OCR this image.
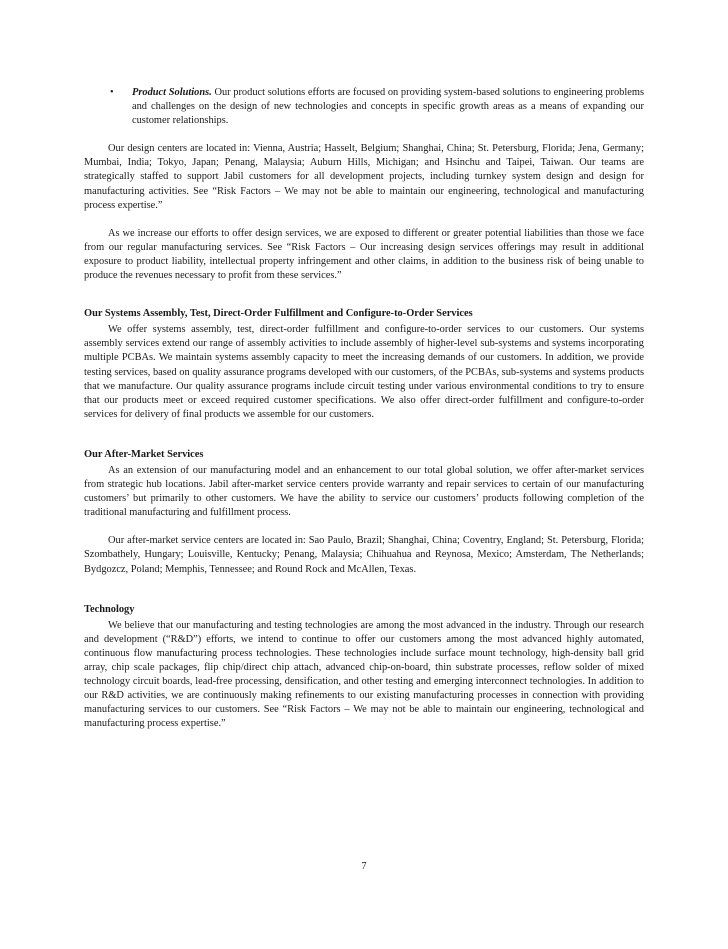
• Product Solutions. Our product solutions efforts are focused on providing system-based solutions to engineering problems and challenges on the design of new technologies and concepts in specific growth areas as a means of expanding our customer relationships.

Our design centers are located in: Vienna, Austria; Hasselt, Belgium; Shanghai, China; St. Petersburg, Florida; Jena, Germany; Mumbai, India; Tokyo, Japan; Penang, Malaysia; Auburn Hills, Michigan; and Hsinchu and Taipei, Taiwan. Our teams are strategically staffed to support Jabil customers for all development projects, including turnkey system design and design for manufacturing activities. See “Risk Factors – We may not be able to maintain our engineering, technological and manufacturing process expertise.”

As we increase our efforts to offer design services, we are exposed to different or greater potential liabilities than those we face from our regular manufacturing services. See “Risk Factors – Our increasing design services offerings may result in additional exposure to product liability, intellectual property infringement and other claims, in addition to the business risk of being unable to produce the revenues necessary to profit from these services.”

Our Systems Assembly, Test, Direct-Order Fulfillment and Configure-to-Order Services

We offer systems assembly, test, direct-order fulfillment and configure-to-order services to our customers. Our systems assembly services extend our range of assembly activities to include assembly of higher-level sub-systems and systems incorporating multiple PCBAs. We maintain systems assembly capacity to meet the increasing demands of our customers. In addition, we provide testing services, based on quality assurance programs developed with our customers, of the PCBAs, sub-systems and systems products that we manufacture. Our quality assurance programs include circuit testing under various environmental conditions to try to ensure that our products meet or exceed required customer specifications. We also offer direct-order fulfillment and configure-to-order services for delivery of final products we assemble for our customers.

Our After-Market Services

As an extension of our manufacturing model and an enhancement to our total global solution, we offer after-market services from strategic hub locations. Jabil after-market service centers provide warranty and repair services to certain of our manufacturing customers’ but primarily to other customers. We have the ability to service our customers’ products following completion of the traditional manufacturing and fulfillment process.

Our after-market service centers are located in: Sao Paulo, Brazil; Shanghai, China; Coventry, England; St. Petersburg, Florida; Szombathely, Hungary; Louisville, Kentucky; Penang, Malaysia; Chihuahua and Reynosa, Mexico; Amsterdam, The Netherlands; Bydgozcz, Poland; Memphis, Tennessee; and Round Rock and McAllen, Texas.

Technology

We believe that our manufacturing and testing technologies are among the most advanced in the industry. Through our research and development (“R&D”) efforts, we intend to continue to offer our customers among the most advanced highly automated, continuous flow manufacturing process technologies. These technologies include surface mount technology, high-density ball grid array, chip scale packages, flip chip/direct chip attach, advanced chip-on-board, thin substrate processes, reflow solder of mixed technology circuit boards, lead-free processing, densification, and other testing and emerging interconnect technologies. In addition to our R&D activities, we are continuously making refinements to our existing manufacturing processes in connection with providing manufacturing services to our customers. See “Risk Factors – We may not be able to maintain our engineering, technological and manufacturing process expertise.”

7
